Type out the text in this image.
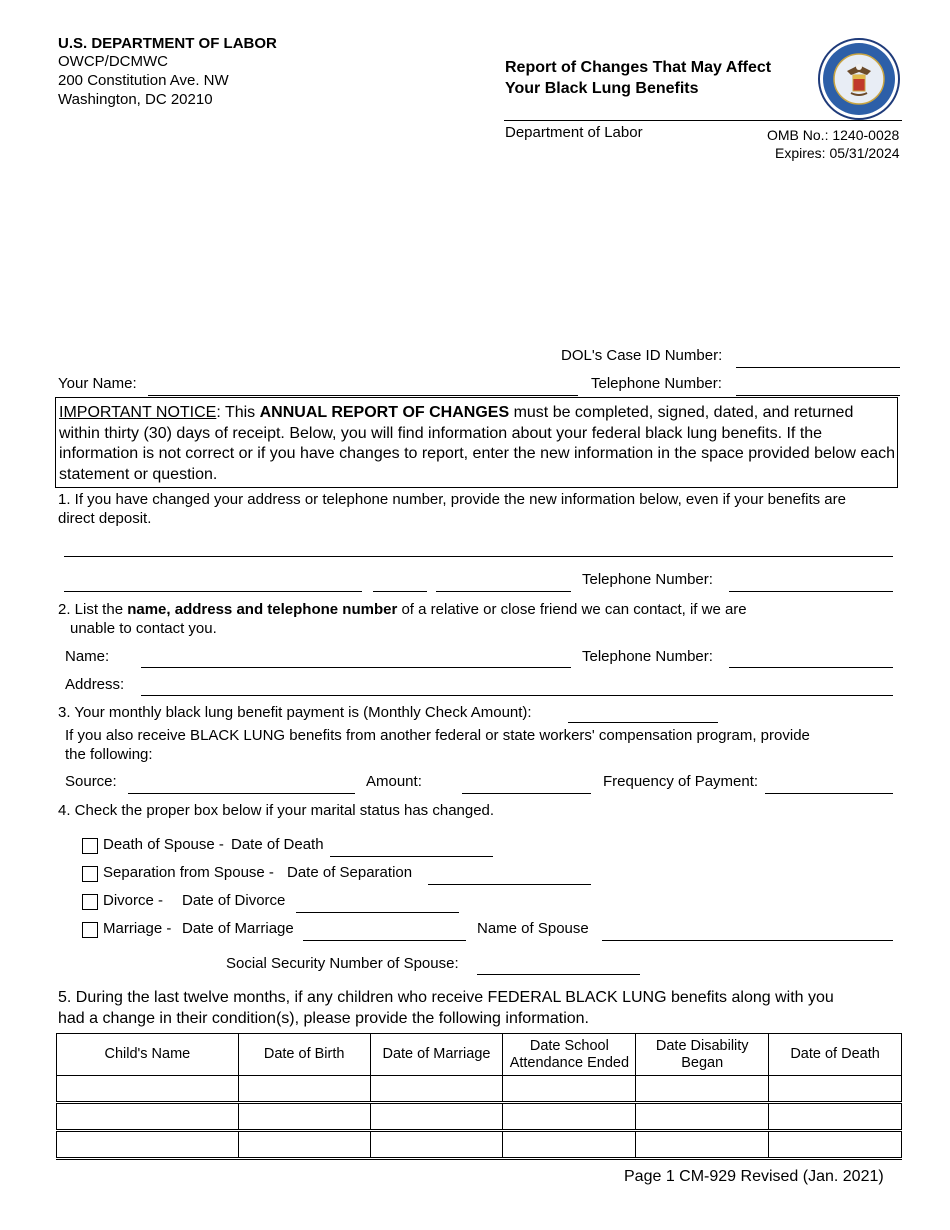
U.S. DEPARTMENT OF LABOR
OWCP/DCMWC
200 Constitution Ave. NW
Washington, DC 20210
Report of Changes That May Affect
Your Black Lung Benefits
Department of Labor	OMB No.: 1240-0028
Expires: 05/31/2024
DOL's Case ID Number:
Your Name:	Telephone Number:
IMPORTANT NOTICE: This ANNUAL REPORT OF CHANGES must be completed, signed, dated, and returned within thirty (30) days of receipt. Below, you will find information about your federal black lung benefits. If the information is not correct or if you have changes to report, enter the new information in the space provided below each statement or question.
1. If you have changed your address or telephone number, provide the new information below, even if your benefits are
direct deposit.
Telephone Number:
2. List the name, address and telephone number of a relative or close friend we can contact, if we are
unable to contact you.
Name:	Telephone Number:
Address:
3. Your monthly black lung benefit payment is (Monthly Check Amount):
If you also receive BLACK LUNG benefits from another federal or state workers' compensation program, provide
the following:
Source:	Amount:	Frequency of Payment:
4. Check the proper box below if your marital status has changed.
Death of Spouse - Date of Death
Separation from Spouse - Date of Separation
Divorce - Date of Divorce
Marriage - Date of Marriage	Name of Spouse
Social Security Number of Spouse:
5. During the last twelve months, if any children who receive FEDERAL BLACK LUNG benefits along with you
had a change in their condition(s), please provide the following information.
Child's Name	Date of Birth	Date of Marriage	Date School Attendance Ended	Date Disability Began	Date of Death

Page 1 CM-929 Revised (Jan. 2021)
